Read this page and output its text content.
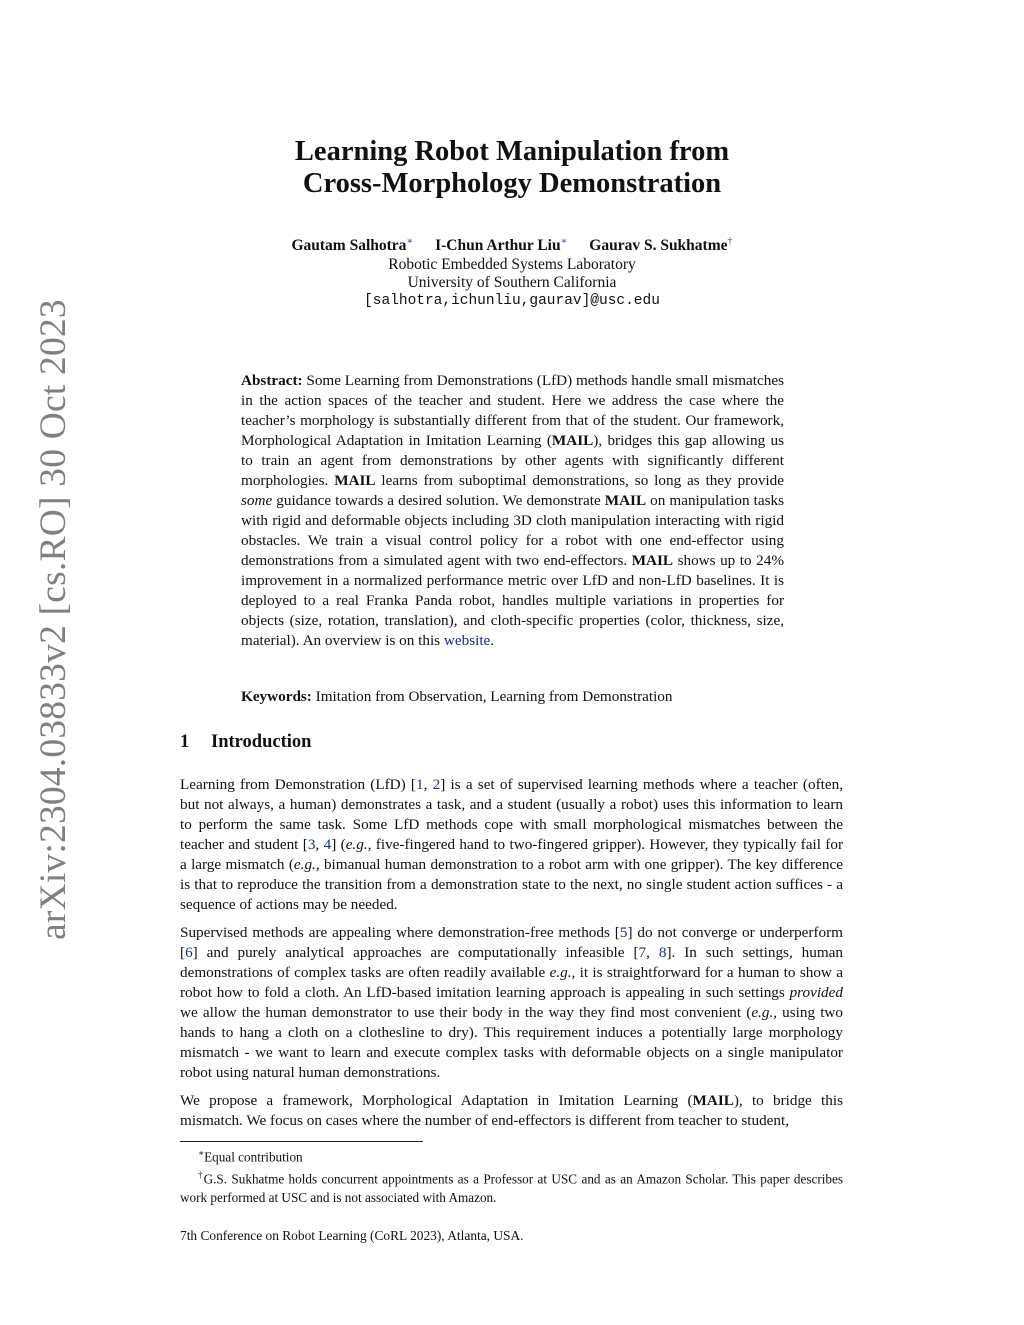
arXiv:2304.03833v2 [cs.RO] 30 Oct 2023
Learning Robot Manipulation from
Cross-Morphology Demonstration
Gautam Salhotra∗ I-Chun Arthur Liu∗ Gaurav S. Sukhatme†
Robotic Embedded Systems Laboratory
University of Southern California
[salhotra,ichunliu,gaurav]@usc.edu
Abstract: Some Learning from Demonstrations (LfD) methods handle small mismatches in the action spaces of the teacher and student. Here we address the case where the teacher’s morphology is substantially different from that of the student. Our framework, Morphological Adaptation in Imitation Learning (MAIL), bridges this gap allowing us to train an agent from demonstrations by other agents with significantly different morphologies. MAIL learns from suboptimal demonstrations, so long as they provide some guidance towards a desired solution. We demonstrate MAIL on manipulation tasks with rigid and deformable objects including 3D cloth manipulation interacting with rigid obstacles. We train a visual control policy for a robot with one end-effector using demonstrations from a simulated agent with two end-effectors. MAIL shows up to 24% improvement in a normalized performance metric over LfD and non-LfD baselines. It is deployed to a real Franka Panda robot, handles multiple variations in properties for objects (size, rotation, translation), and cloth-specific properties (color, thickness, size, material). An overview is on this website.
Keywords: Imitation from Observation, Learning from Demonstration
1 Introduction

Learning from Demonstration (LfD) [1, 2] is a set of supervised learning methods where a teacher (often, but not always, a human) demonstrates a task, and a student (usually a robot) uses this information to learn to perform the same task. Some LfD methods cope with small morphological mismatches between the teacher and student [3, 4] (e.g., five-fingered hand to two-fingered gripper). However, they typically fail for a large mismatch (e.g., bimanual human demonstration to a robot arm with one gripper). The key difference is that to reproduce the transition from a demonstration state to the next, no single student action suffices - a sequence of actions may be needed.

Supervised methods are appealing where demonstration-free methods [5] do not converge or underperform [6] and purely analytical approaches are computationally infeasible [7, 8]. In such settings, human demonstrations of complex tasks are often readily available e.g., it is straightforward for a human to show a robot how to fold a cloth. An LfD-based imitation learning approach is appealing in such settings provided we allow the human demonstrator to use their body in the way they find most convenient (e.g., using two hands to hang a cloth on a clothesline to dry). This requirement induces a potentially large morphology mismatch - we want to learn and execute complex tasks with deformable objects on a single manipulator robot using natural human demonstrations.

We propose a framework, Morphological Adaptation in Imitation Learning (MAIL), to bridge this mismatch. We focus on cases where the number of end-effectors is different from teacher to student,

∗Equal contribution

†G.S. Sukhatme holds concurrent appointments as a Professor at USC and as an Amazon Scholar. This paper describes work performed at USC and is not associated with Amazon.

7th Conference on Robot Learning (CoRL 2023), Atlanta, USA.
